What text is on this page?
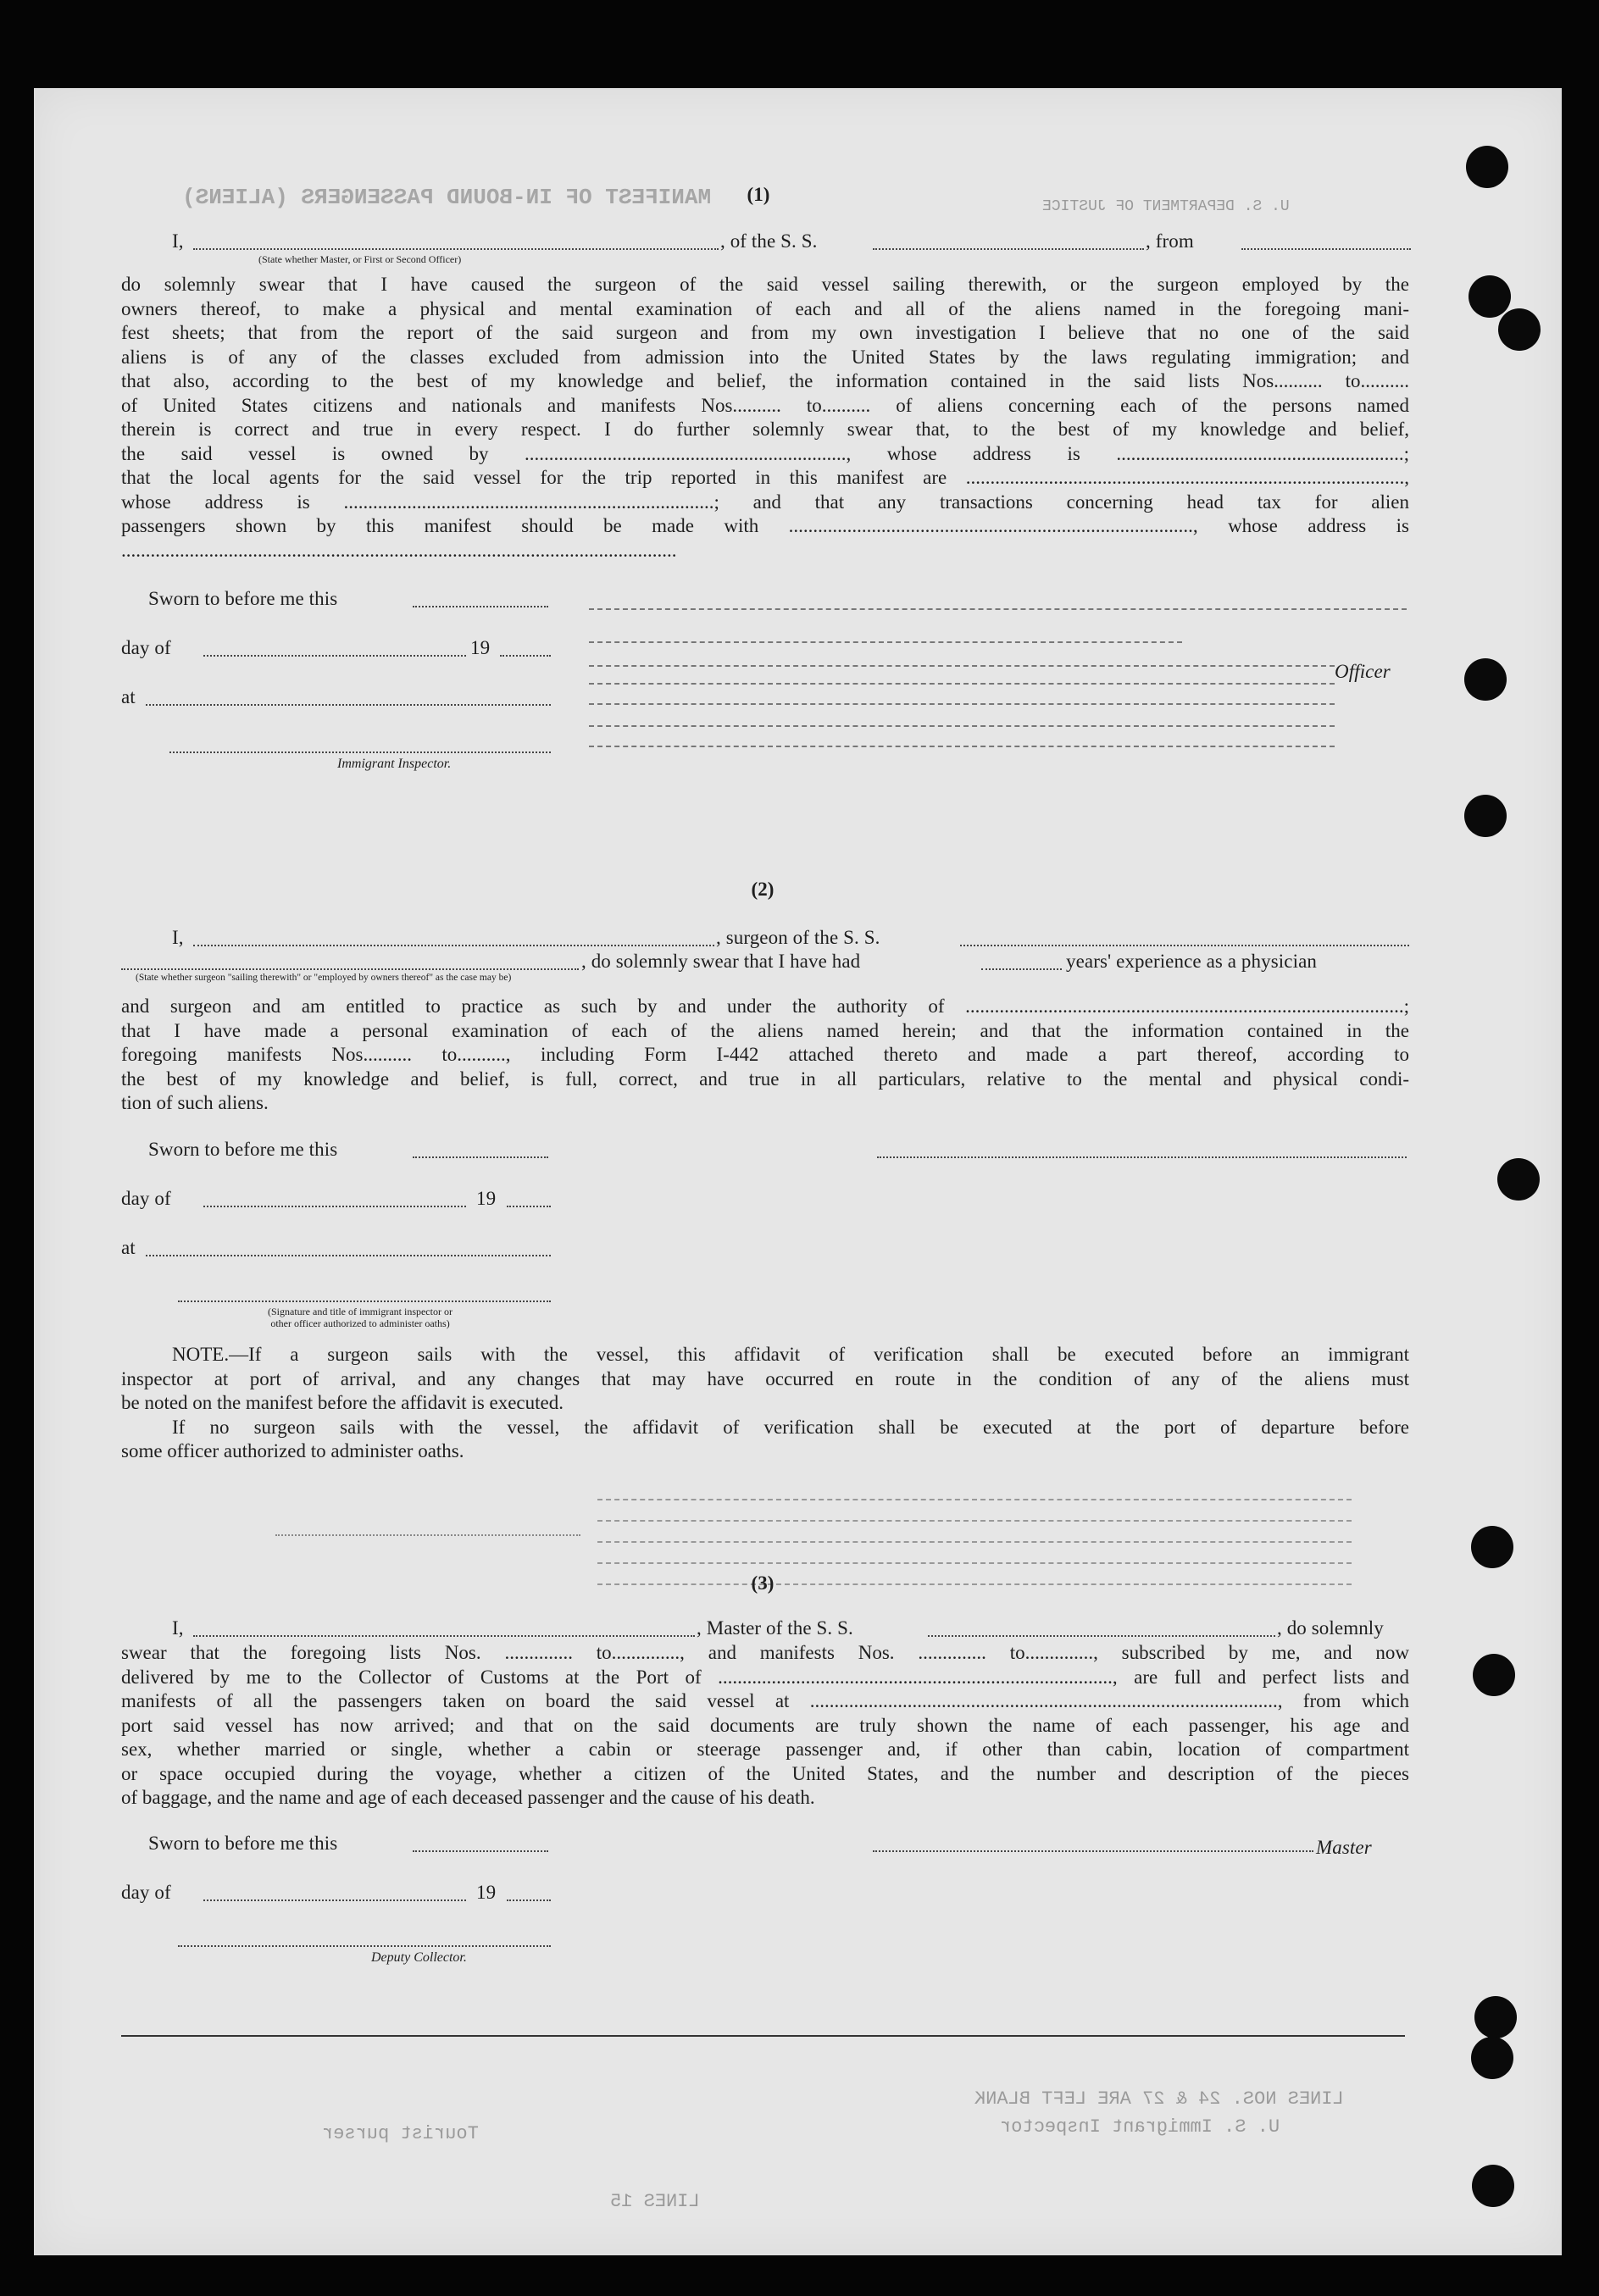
MANIFEST OF IN-BOUND PASSENGERS (ALIENS)	U. S. DEPARTMENT OF JUSTICE
LINES NOS. 24 & 27 ARE LEFT BLANK
U. S. Immigrant Inspector
Tourist purser
LINES 15
(1)
I,	, of the S. S.	, from
(State whether Master, or First or Second Officer)
do solemnly swear that I have caused the surgeon of the said vessel sailing therewith, or the surgeon employed by the
owners thereof, to make a physical and mental examination of each and all of the aliens named in the foregoing mani-
fest sheets; that from the report of the said surgeon and from my own investigation I believe that no one of the said
aliens is of any of the classes excluded from admission into the United States by the laws regulating immigration; and
that also, according to the best of my knowledge and belief, the information contained in the said lists Nos.......... to..........
of United States citizens and nationals and manifests Nos.......... to.......... of aliens concerning each of the persons named
therein is correct and true in every respect. I do further solemnly swear that, to the best of my knowledge and belief,
the said vessel is owned by .................................................................., whose address is ...........................................................;
that the local agents for the said vessel for the trip reported in this manifest are ..........................................................................................,
whose address is ............................................................................; and that any transactions concerning head tax for alien
passengers shown by this manifest should be made with ..................................................................................., whose address is
..................................................................................................................
Sworn to before me this
day of	19
at
Immigrant Inspector.
Officer
(2)
I,	, surgeon of the S. S.
, do solemnly swear that I have had	years' experience as a physician
(State whether surgeon "sailing therewith" or "employed by owners thereof" as the case may be)
and surgeon and am entitled to practice as such by and under the authority of ..........................................................................................;
that I have made a personal examination of each of the aliens named herein; and that the information contained in the
foregoing manifests Nos.......... to.........., including Form I-442 attached thereto and made a part thereof, according to
the best of my knowledge and belief, is full, correct, and true in all particulars, relative to the mental and physical condi-
tion of such aliens.
Sworn to before me this
day of	19
at
(Signature and title of immigrant inspector or
other officer authorized to administer oaths)
NOTE.—If a surgeon sails with the vessel, this affidavit of verification shall be executed before an immigrant
inspector at port of arrival, and any changes that may have occurred en route in the condition of any of the aliens must
be noted on the manifest before the affidavit is executed.
If no surgeon sails with the vessel, the affidavit of verification shall be executed at the port of departure before
some officer authorized to administer oaths.
(3)
I,	, Master of the S. S.	, do solemnly
swear that the foregoing lists Nos. .............. to.............., and manifests Nos. .............. to.............., subscribed by me, and now
delivered by me to the Collector of Customs at the Port of ................................................................................., are full and perfect lists and
manifests of all the passengers taken on board the said vessel at ................................................................................................, from which
port said vessel has now arrived; and that on the said documents are truly shown the name of each passenger, his age and
sex, whether married or single, whether a cabin or steerage passenger and, if other than cabin, location of compartment
or space occupied during the voyage, whether a citizen of the United States, and the number and description of the pieces
of baggage, and the name and age of each deceased passenger and the cause of his death.
Sworn to before me this	Master
day of	19
Deputy Collector.
